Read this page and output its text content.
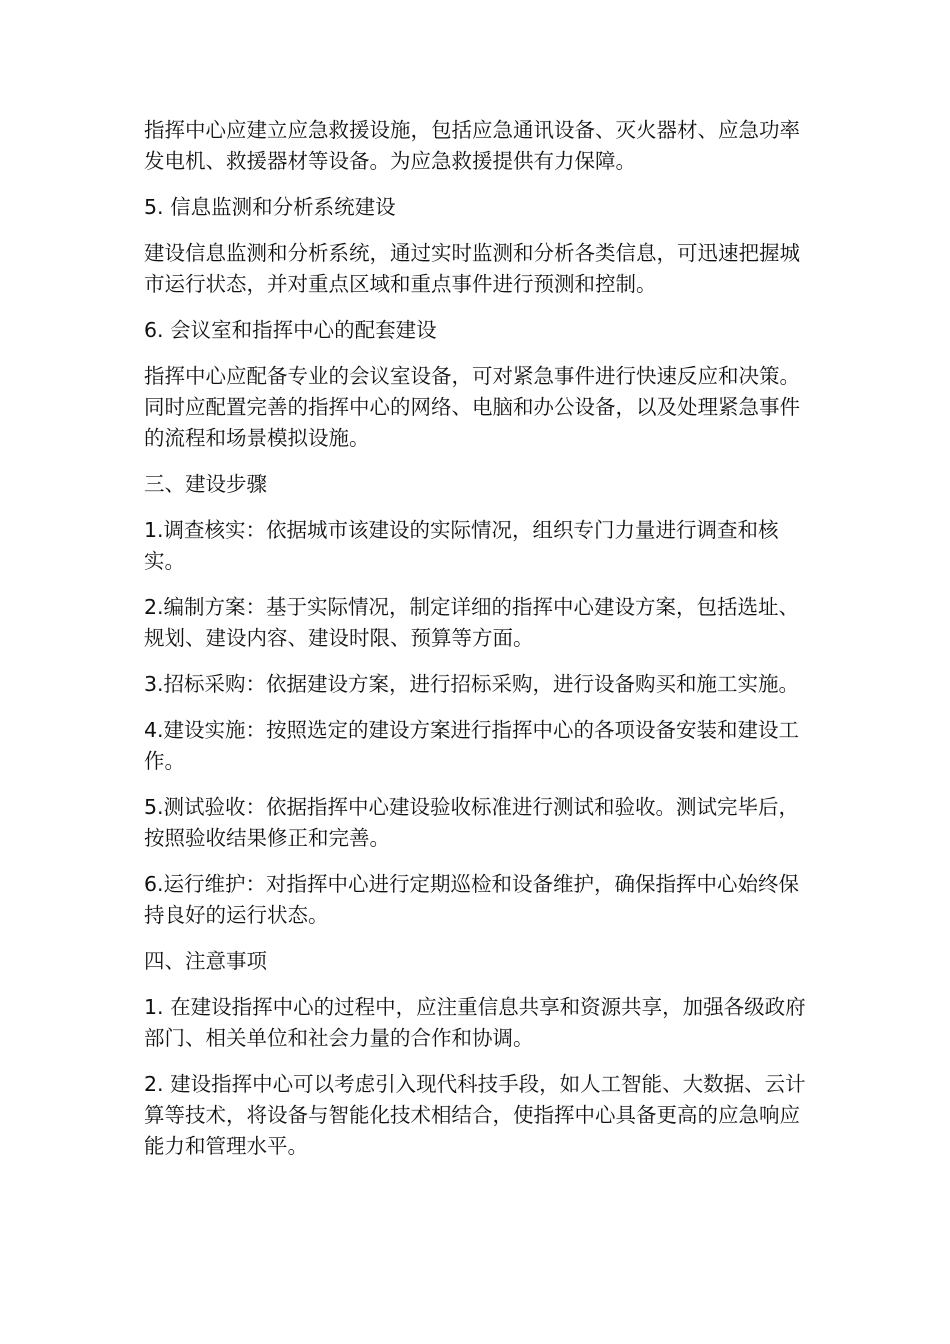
指挥中心应建立应急救援设施，包括应急通讯设备、灭火器材、应急功率发电机、救援器材等设备。为应急救援提供有力保障。

5. 信息监测和分析系统建设

建设信息监测和分析系统，通过实时监测和分析各类信息，可迅速把握城市运行状态，并对重点区域和重点事件进行预测和控制。

6. 会议室和指挥中心的配套建设

指挥中心应配备专业的会议室设备，可对紧急事件进行快速反应和决策。同时应配置完善的指挥中心的网络、电脑和办公设备，以及处理紧急事件的流程和场景模拟设施。

三、建设步骤

1.调查核实：依据城市该建设的实际情况，组织专门力量进行调查和核实。

2.编制方案：基于实际情况，制定详细的指挥中心建设方案，包括选址、规划、建设内容、建设时限、预算等方面。

3.招标采购：依据建设方案，进行招标采购，进行设备购买和施工实施。

4.建设实施：按照选定的建设方案进行指挥中心的各项设备安装和建设工作。

5.测试验收：依据指挥中心建设验收标准进行测试和验收。测试完毕后，按照验收结果修正和完善。

6.运行维护：对指挥中心进行定期巡检和设备维护，确保指挥中心始终保持良好的运行状态。

四、注意事项

1. 在建设指挥中心的过程中，应注重信息共享和资源共享，加强各级政府部门、相关单位和社会力量的合作和协调。

2. 建设指挥中心可以考虑引入现代科技手段，如人工智能、大数据、云计算等技术，将设备与智能化技术相结合，使指挥中心具备更高的应急响应能力和管理水平。
